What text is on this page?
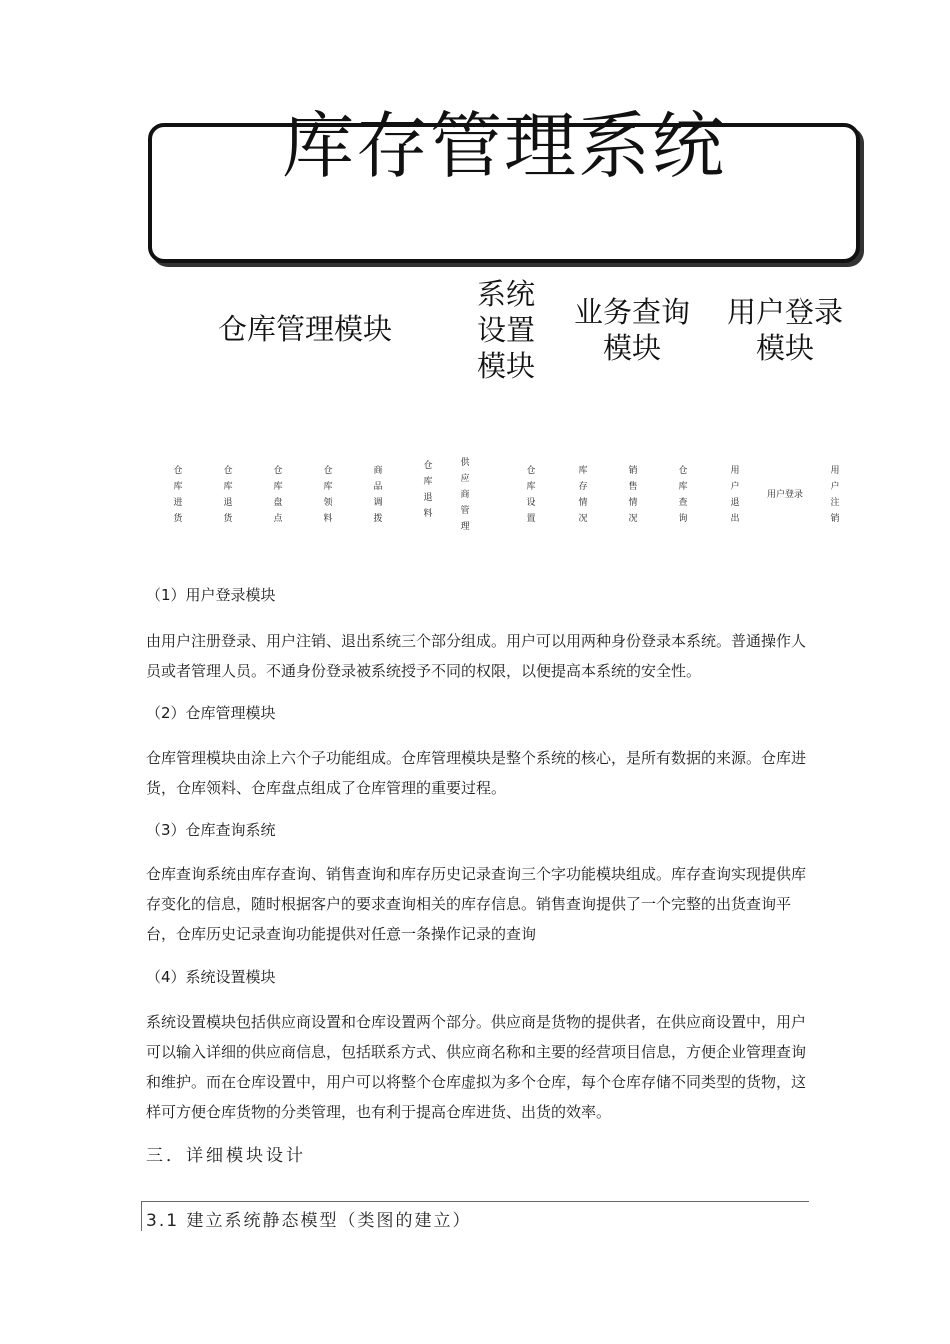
库存管理系统
仓库管理模块
系统设置模块
业务查询模块
用户登录模块
仓库进货
仓库退货
仓库盘点
仓库领料
商品调拨
仓库退料
供应商管理
仓库设置
库存情况
销售情况
仓库查询
用户退出
用户登录
用户注销
（1）用户登录模块
由用户注册登录、用户注销、退出系统三个部分组成。用户可以用两种身份登录本系统。普通操作人员或者管理人员。不通身份登录被系统授予不同的权限，以便提高本系统的安全性。
（2）仓库管理模块
仓库管理模块由涂上六个子功能组成。仓库管理模块是整个系统的核心，是所有数据的来源。仓库进货，仓库领料、仓库盘点组成了仓库管理的重要过程。
（3）仓库查询系统
仓库查询系统由库存查询、销售查询和库存历史记录查询三个字功能模块组成。库存查询实现提供库存变化的信息，随时根据客户的要求查询相关的库存信息。销售查询提供了一个完整的出货查询平台，仓库历史记录查询功能提供对任意一条操作记录的查询
（4）系统设置模块
系统设置模块包括供应商设置和仓库设置两个部分。供应商是货物的提供者，在供应商设置中，用户可以输入详细的供应商信息，包括联系方式、供应商名称和主要的经营项目信息，方便企业管理查询和维护。而在仓库设置中，用户可以将整个仓库虚拟为多个仓库，每个仓库存储不同类型的货物，这样可方便仓库货物的分类管理，也有利于提高仓库进货、出货的效率。
三．详细模块设计
3.1 建立系统静态模型（类图的建立）
